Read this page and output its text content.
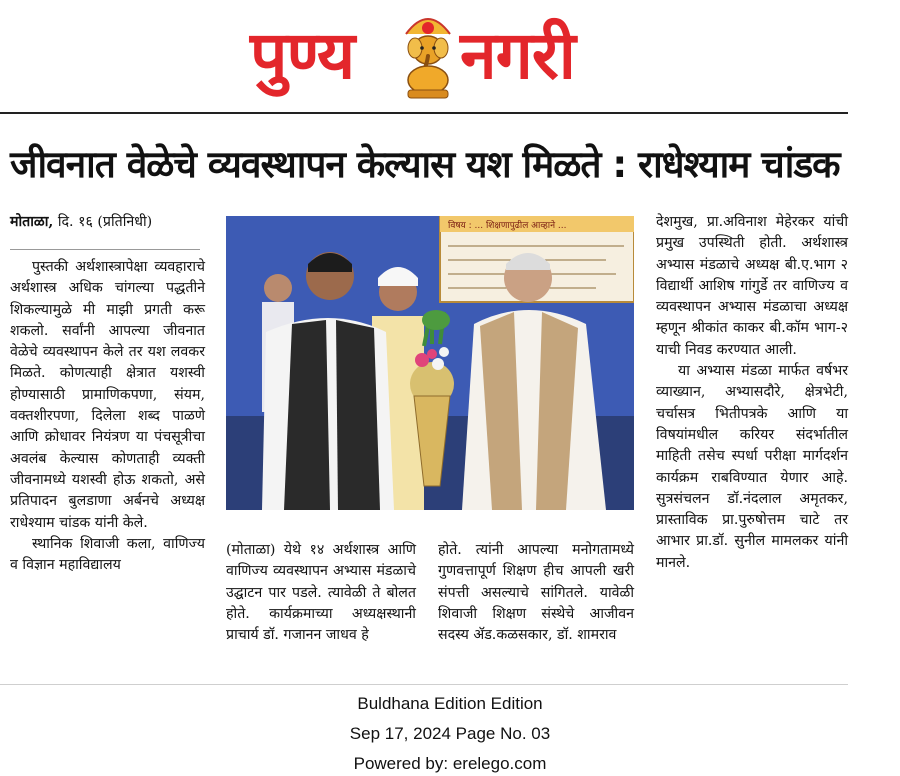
पुण्य नगरी
जीवनात वेळेचे व्यवस्थापन केल्यास यश मिळते : राधेश्याम चांडक
मोताळा, दि. १६ (प्रतिनिधी)

पुस्तकी अर्थशास्त्रापेक्षा व्यवहाराचे अर्थशास्त्र अधिक चांगल्या पद्धतीने शिकल्यामुळे मी माझी प्रगती करू शकलो. सर्वांनी आपल्या जीवनात वेळेचे व्यवस्थापन केले तर यश लवकर मिळते. कोणत्याही क्षेत्रात यशस्वी होण्यासाठी प्रामाणिकपणा, संयम, वक्तशीरपणा, दिलेला शब्द पाळणे आणि क्रोधावर नियंत्रण या पंचसूत्रीचा अवलंब केल्यास कोणताही व्यक्ती जीवनामध्ये यशस्वी होऊ शकतो, असे प्रतिपादन बुलडाणा अर्बनचे अध्यक्ष राधेश्याम चांडक यांनी केले.

स्थानिक शिवाजी कला, वाणिज्य व विज्ञान महाविद्यालय

विषय : ... शिक्षणापुढील आव्हाने ...

(मोताळा) येथे १४ अर्थशास्त्र आणि वाणिज्य व्यवस्थापन अभ्यास मंडळाचे उद्घाटन पार पडले. त्यावेळी ते बोलत होते. कार्यक्रमाच्या अध्यक्षस्थानी प्राचार्य डॉ. गजानन जाधव हे

होते. त्यांनी आपल्या मनोगतामध्ये गुणवत्तापूर्ण शिक्षण हीच आपली खरी संपत्ती असल्याचे सांगितले. यावेळी शिवाजी शिक्षण संस्थेचे आजीवन सदस्य ॲड.कळसकार, डॉ. शामराव

देशमुख, प्रा.अविनाश मेहेरकर यांची प्रमुख उपस्थिती होती. अर्थशास्त्र अभ्यास मंडळाचे अध्यक्ष बी.ए.भाग २ विद्यार्थी आशिष गांगुर्डे तर वाणिज्य व व्यवस्थापन अभ्यास मंडळाचा अध्यक्ष म्हणून श्रीकांत काकर बी.कॉम भाग-२ याची निवड करण्यात आली.

या अभ्यास मंडळा मार्फत वर्षभर व्याख्यान, अभ्यासदौरे, क्षेत्रभेटी, चर्चासत्र भितीपत्रके आणि या विषयांमधील करियर संदर्भातील माहिती तसेच स्पर्धा परीक्षा मार्गदर्शन कार्यक्रम राबविण्यात येणार आहे. सुत्रसंचलन डॉ.नंदलाल अमृतकर, प्रास्ताविक प्रा.पुरुषोत्तम चाटे तर आभार प्रा.डॉ. सुनील मामलकर यांनी मानले.

Buldhana Edition Edition
Sep 17, 2024 Page No. 03
Powered by: erelego.com
